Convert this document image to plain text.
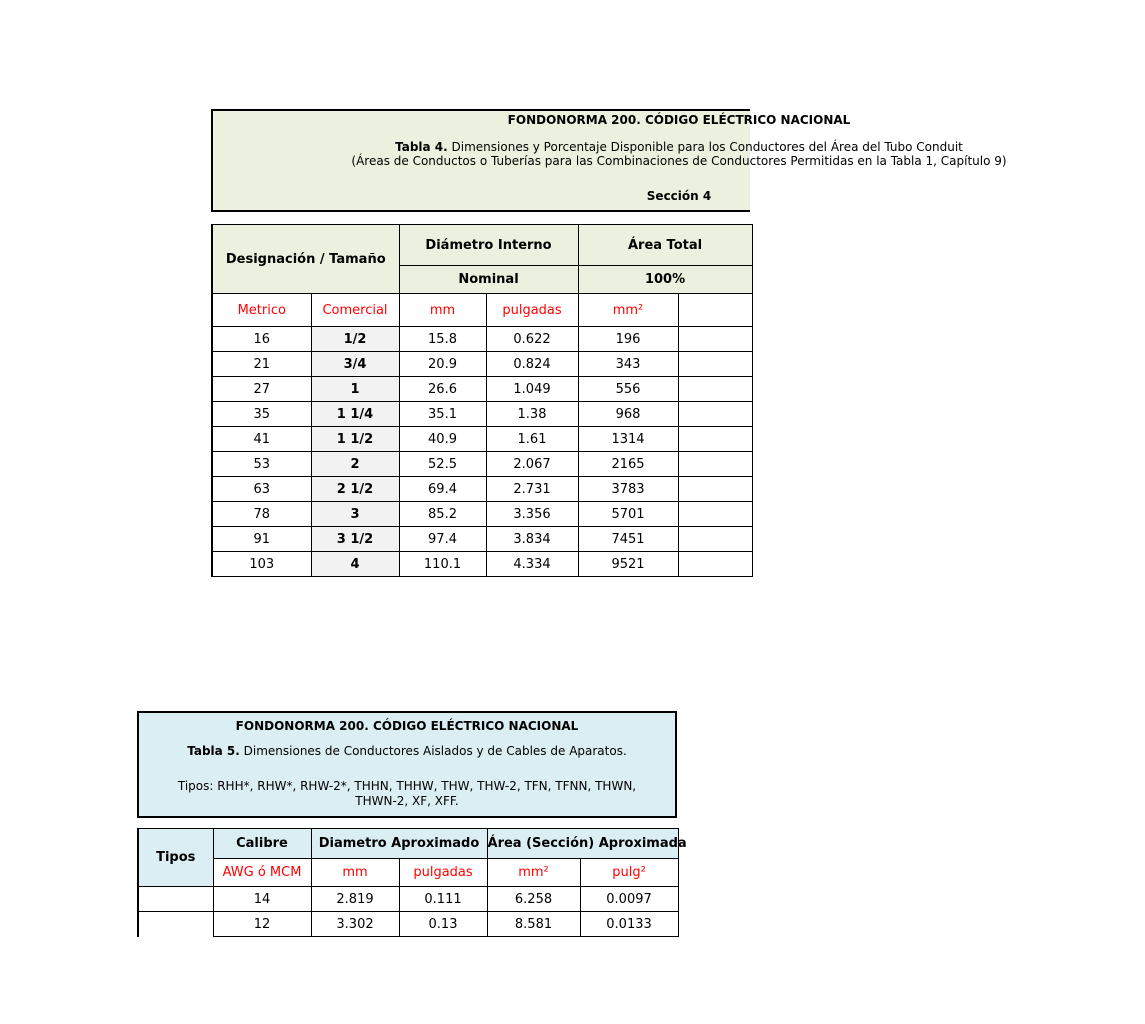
FONDONORMA 200. CÓDIGO ELÉCTRICO NACIONAL
Tabla 4. Dimensiones y Porcentaje Disponible para los Conductores del Área del Tubo Conduit
(Áreas de Conductos o Tuberías para las Combinaciones de Conductores Permitidas en la Tabla 1, Capítulo 9)
Sección 4
Designación / Tamaño		Diámetro Interno		Área Total	
		Nominal		100%	
Metrico	Comercial	mm	pulgadas	mm²	
16	1/2	15.8	0.622	196	
21	3/4	20.9	0.824	343	
27	1	26.6	1.049	556	
35	1 1/4	35.1	1.38	968	
41	1 1/2	40.9	1.61	1314	
53	2	52.5	2.067	2165	
63	2 1/2	69.4	2.731	3783	
78	3	85.2	3.356	5701	
91	3 1/2	97.4	3.834	7451	
103	4	110.1	4.334	9521	
FONDONORMA 200. CÓDIGO ELÉCTRICO NACIONAL
Tabla 5. Dimensiones de Conductores Aislados y de Cables de Aparatos.
Tipos: RHH*, RHW*, RHW-2*, THHN, THHW, THW, THW-2, TFN, TFNN, THWN, THWN-2, XF, XFF.
Tipos	Calibre	Diametro Aproximado		Área (Sección) Aproximada	
	AWG ó MCM	mm	pulgadas	mm²	pulg²
	14	2.819	0.111	6.258	0.0097
	12	3.302	0.13	8.581	0.0133
